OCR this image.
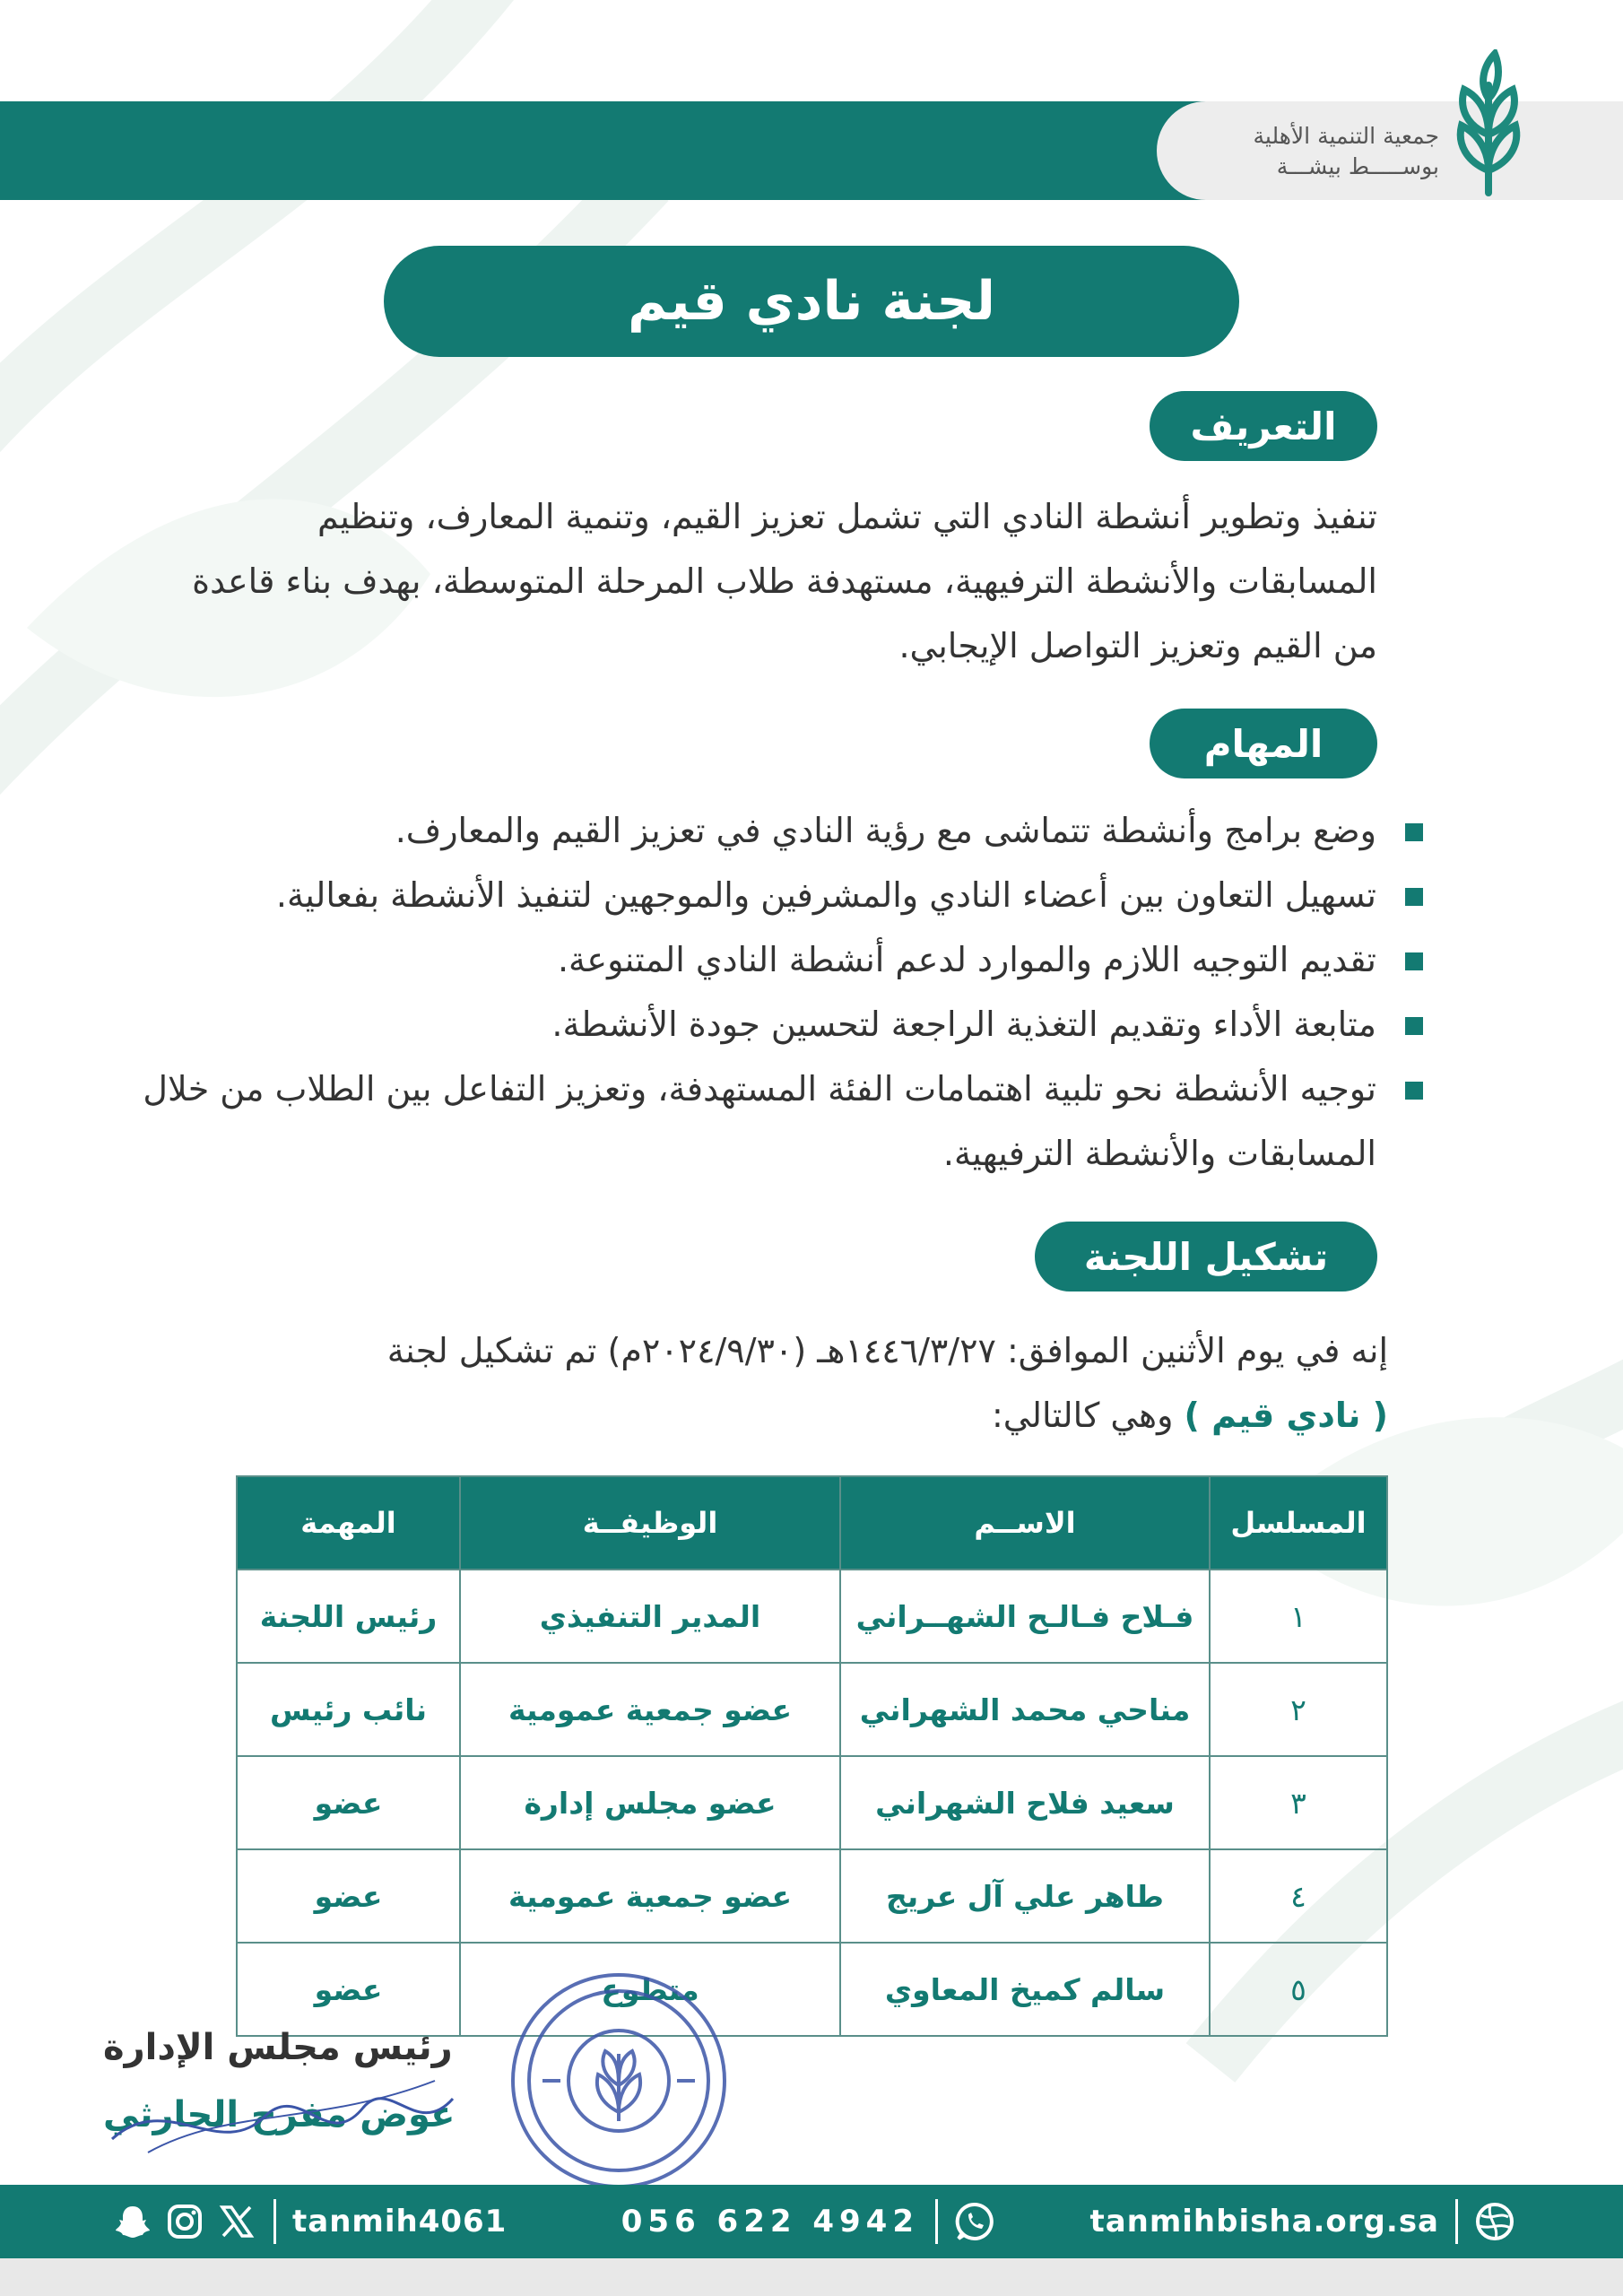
جمعية التنمية الأهلية
بوســـــط بيشـــة
لجنة نادي قيم
التعريف
تنفيذ وتطوير أنشطة النادي التي تشمل تعزيز القيم، وتنمية المعارف، وتنظيم المسابقات والأنشطة الترفيهية، مستهدفة طلاب المرحلة المتوسطة، بهدف بناء قاعدة من القيم وتعزيز التواصل الإيجابي.
المهام
وضع برامج وأنشطة تتماشى مع رؤية النادي في تعزيز القيم والمعارف.
تسهيل التعاون بين أعضاء النادي والمشرفين والموجهين لتنفيذ الأنشطة بفعالية.
تقديم التوجيه اللازم والموارد لدعم أنشطة النادي المتنوعة.
متابعة الأداء وتقديم التغذية الراجعة لتحسين جودة الأنشطة.
توجيه الأنشطة نحو تلبية اهتمامات الفئة المستهدفة، وتعزيز التفاعل بين الطلاب من خلال المسابقات والأنشطة الترفيهية.
تشكيل اللجنة
إنه في يوم الأثنين الموافق: ١٤٤٦/٣/٢٧هـ (٢٠٢٤/٩/٣٠م) تم تشكيل لجنة
( نادي قيم ) وهي كالتالي:
المسلسل	الاســم	الوظيفــة	المهمة
١	فـلاح فـالـح الشهــراني	المدير التنفيذي	رئيس اللجنة
٢	مناحي محمد الشهراني	عضو جمعية عمومية	نائب رئيس
٣	سعيد فلاح الشهراني	عضو مجلس إدارة	عضو
٤	طاهر علي آل عريج	عضو جمعية عمومية	عضو
٥	سالم كميخ المعاوي	متطوع	عضو
رئيس مجلس الإدارة
عوض مفرح الحارثي
tanmihbisha.org.sa
056 622 4942
tanmih4061
